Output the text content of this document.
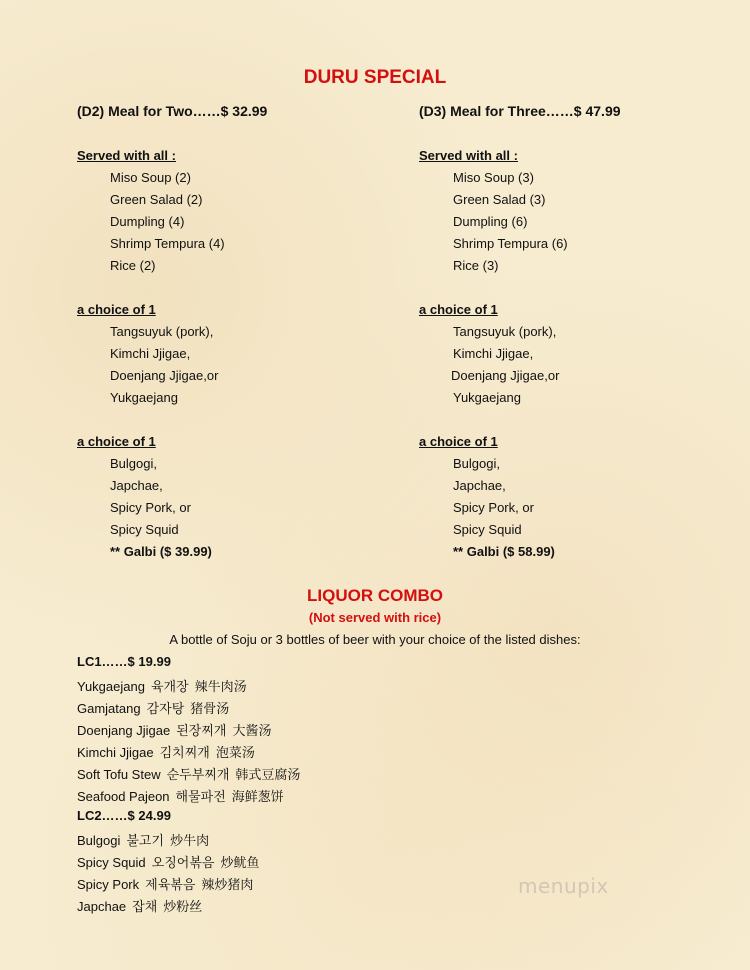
DURU SPECIAL
(D2) Meal for Two……$ 32.99
Served with all :
Miso Soup (2)
Green Salad (2)
Dumpling (4)
Shrimp Tempura (4)
Rice (2)
a choice of 1
Tangsuyuk (pork),
Kimchi Jjigae,
Doenjang Jjigae,or
Yukgaejang
a choice of 1
Bulgogi,
Japchae,
Spicy Pork, or
Spicy Squid
** Galbi ($ 39.99)
(D3) Meal for Three……$ 47.99
Served with all :
Miso Soup (3)
Green Salad (3)
Dumpling (6)
Shrimp Tempura (6)
Rice (3)
a choice of 1
Tangsuyuk (pork),
Kimchi Jjigae,
Doenjang Jjigae,or
Yukgaejang
a choice of 1
Bulgogi,
Japchae,
Spicy Pork, or
Spicy Squid
** Galbi ($ 58.99)
LIQUOR COMBO
(Not served with rice)
A bottle of Soju or 3 bottles of beer with your choice of the listed dishes:
LC1……$ 19.99
Yukgaejang 육개장 辣牛肉汤
Gamjatang 감자탕 猪骨汤
Doenjang Jjigae 된장찌개 大酱汤
Kimchi Jjigae 김치찌개 泡菜汤
Soft Tofu Stew 순두부찌개 韩式豆腐汤
Seafood Pajeon 해물파전 海鲜葱饼
LC2……$ 24.99
Bulgogi 불고기 炒牛肉
Spicy Squid 오징어볶음 炒鱿鱼
Spicy Pork 제육볶음 辣炒猪肉
Japchae 잡채 炒粉丝
menupix
